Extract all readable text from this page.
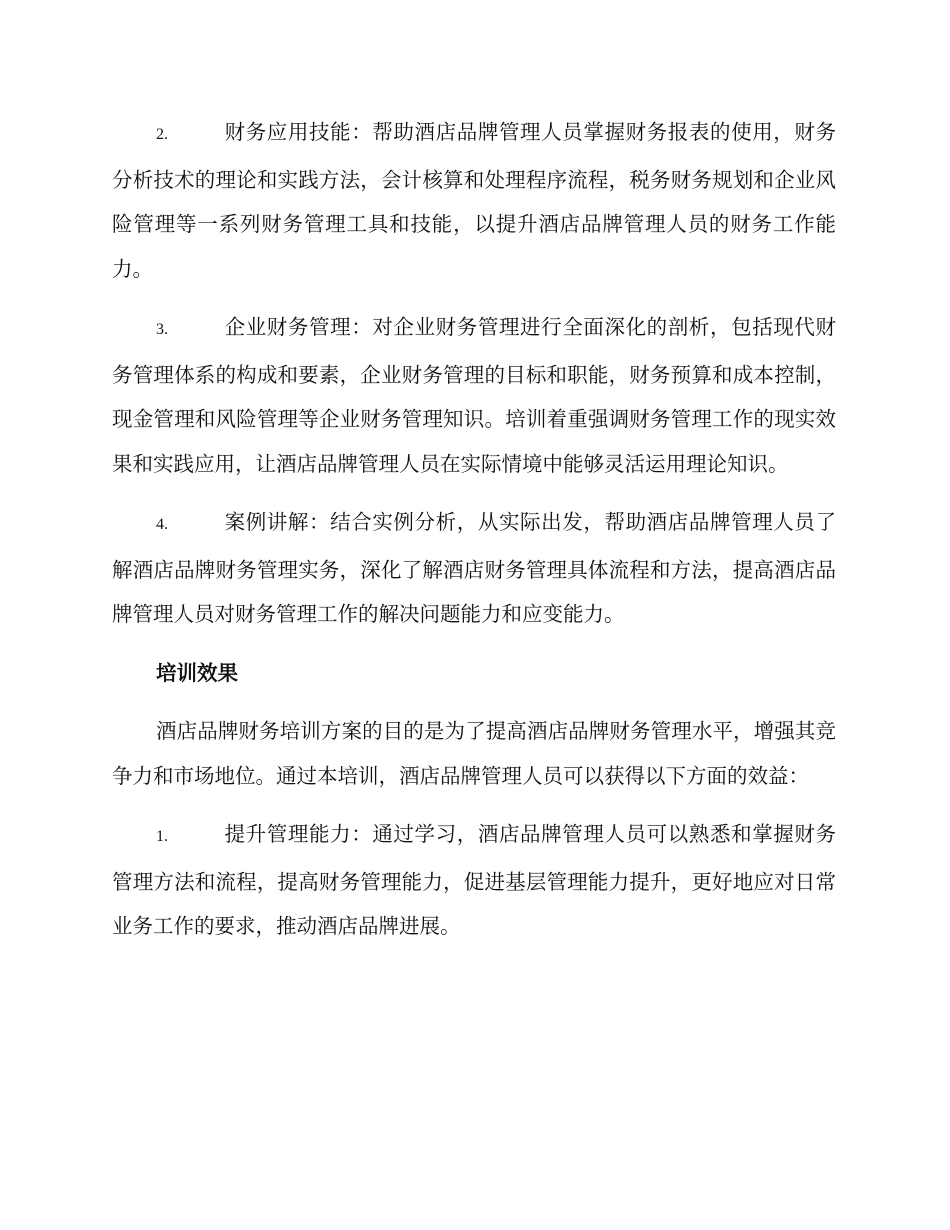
2.	财务应用技能：帮助酒店品牌管理人员掌握财务报表的使用，财务分析技术的理论和实践方法，会计核算和处理程序流程，税务财务规划和企业风险管理等一系列财务管理工具和技能，以提升酒店品牌管理人员的财务工作能力。

3.	企业财务管理：对企业财务管理进行全面深化的剖析，包括现代财务管理体系的构成和要素，企业财务管理的目标和职能，财务预算和成本控制，现金管理和风险管理等企业财务管理知识。培训着重强调财务管理工作的现实效果和实践应用，让酒店品牌管理人员在实际情境中能够灵活运用理论知识。

4.	案例讲解：结合实例分析，从实际出发，帮助酒店品牌管理人员了解酒店品牌财务管理实务，深化了解酒店财务管理具体流程和方法，提高酒店品牌管理人员对财务管理工作的解决问题能力和应变能力。

培训效果

酒店品牌财务培训方案的目的是为了提高酒店品牌财务管理水平，增强其竞争力和市场地位。通过本培训，酒店品牌管理人员可以获得以下方面的效益：

1.	提升管理能力：通过学习，酒店品牌管理人员可以熟悉和掌握财务管理方法和流程，提高财务管理能力，促进基层管理能力提升，更好地应对日常业务工作的要求，推动酒店品牌进展。
